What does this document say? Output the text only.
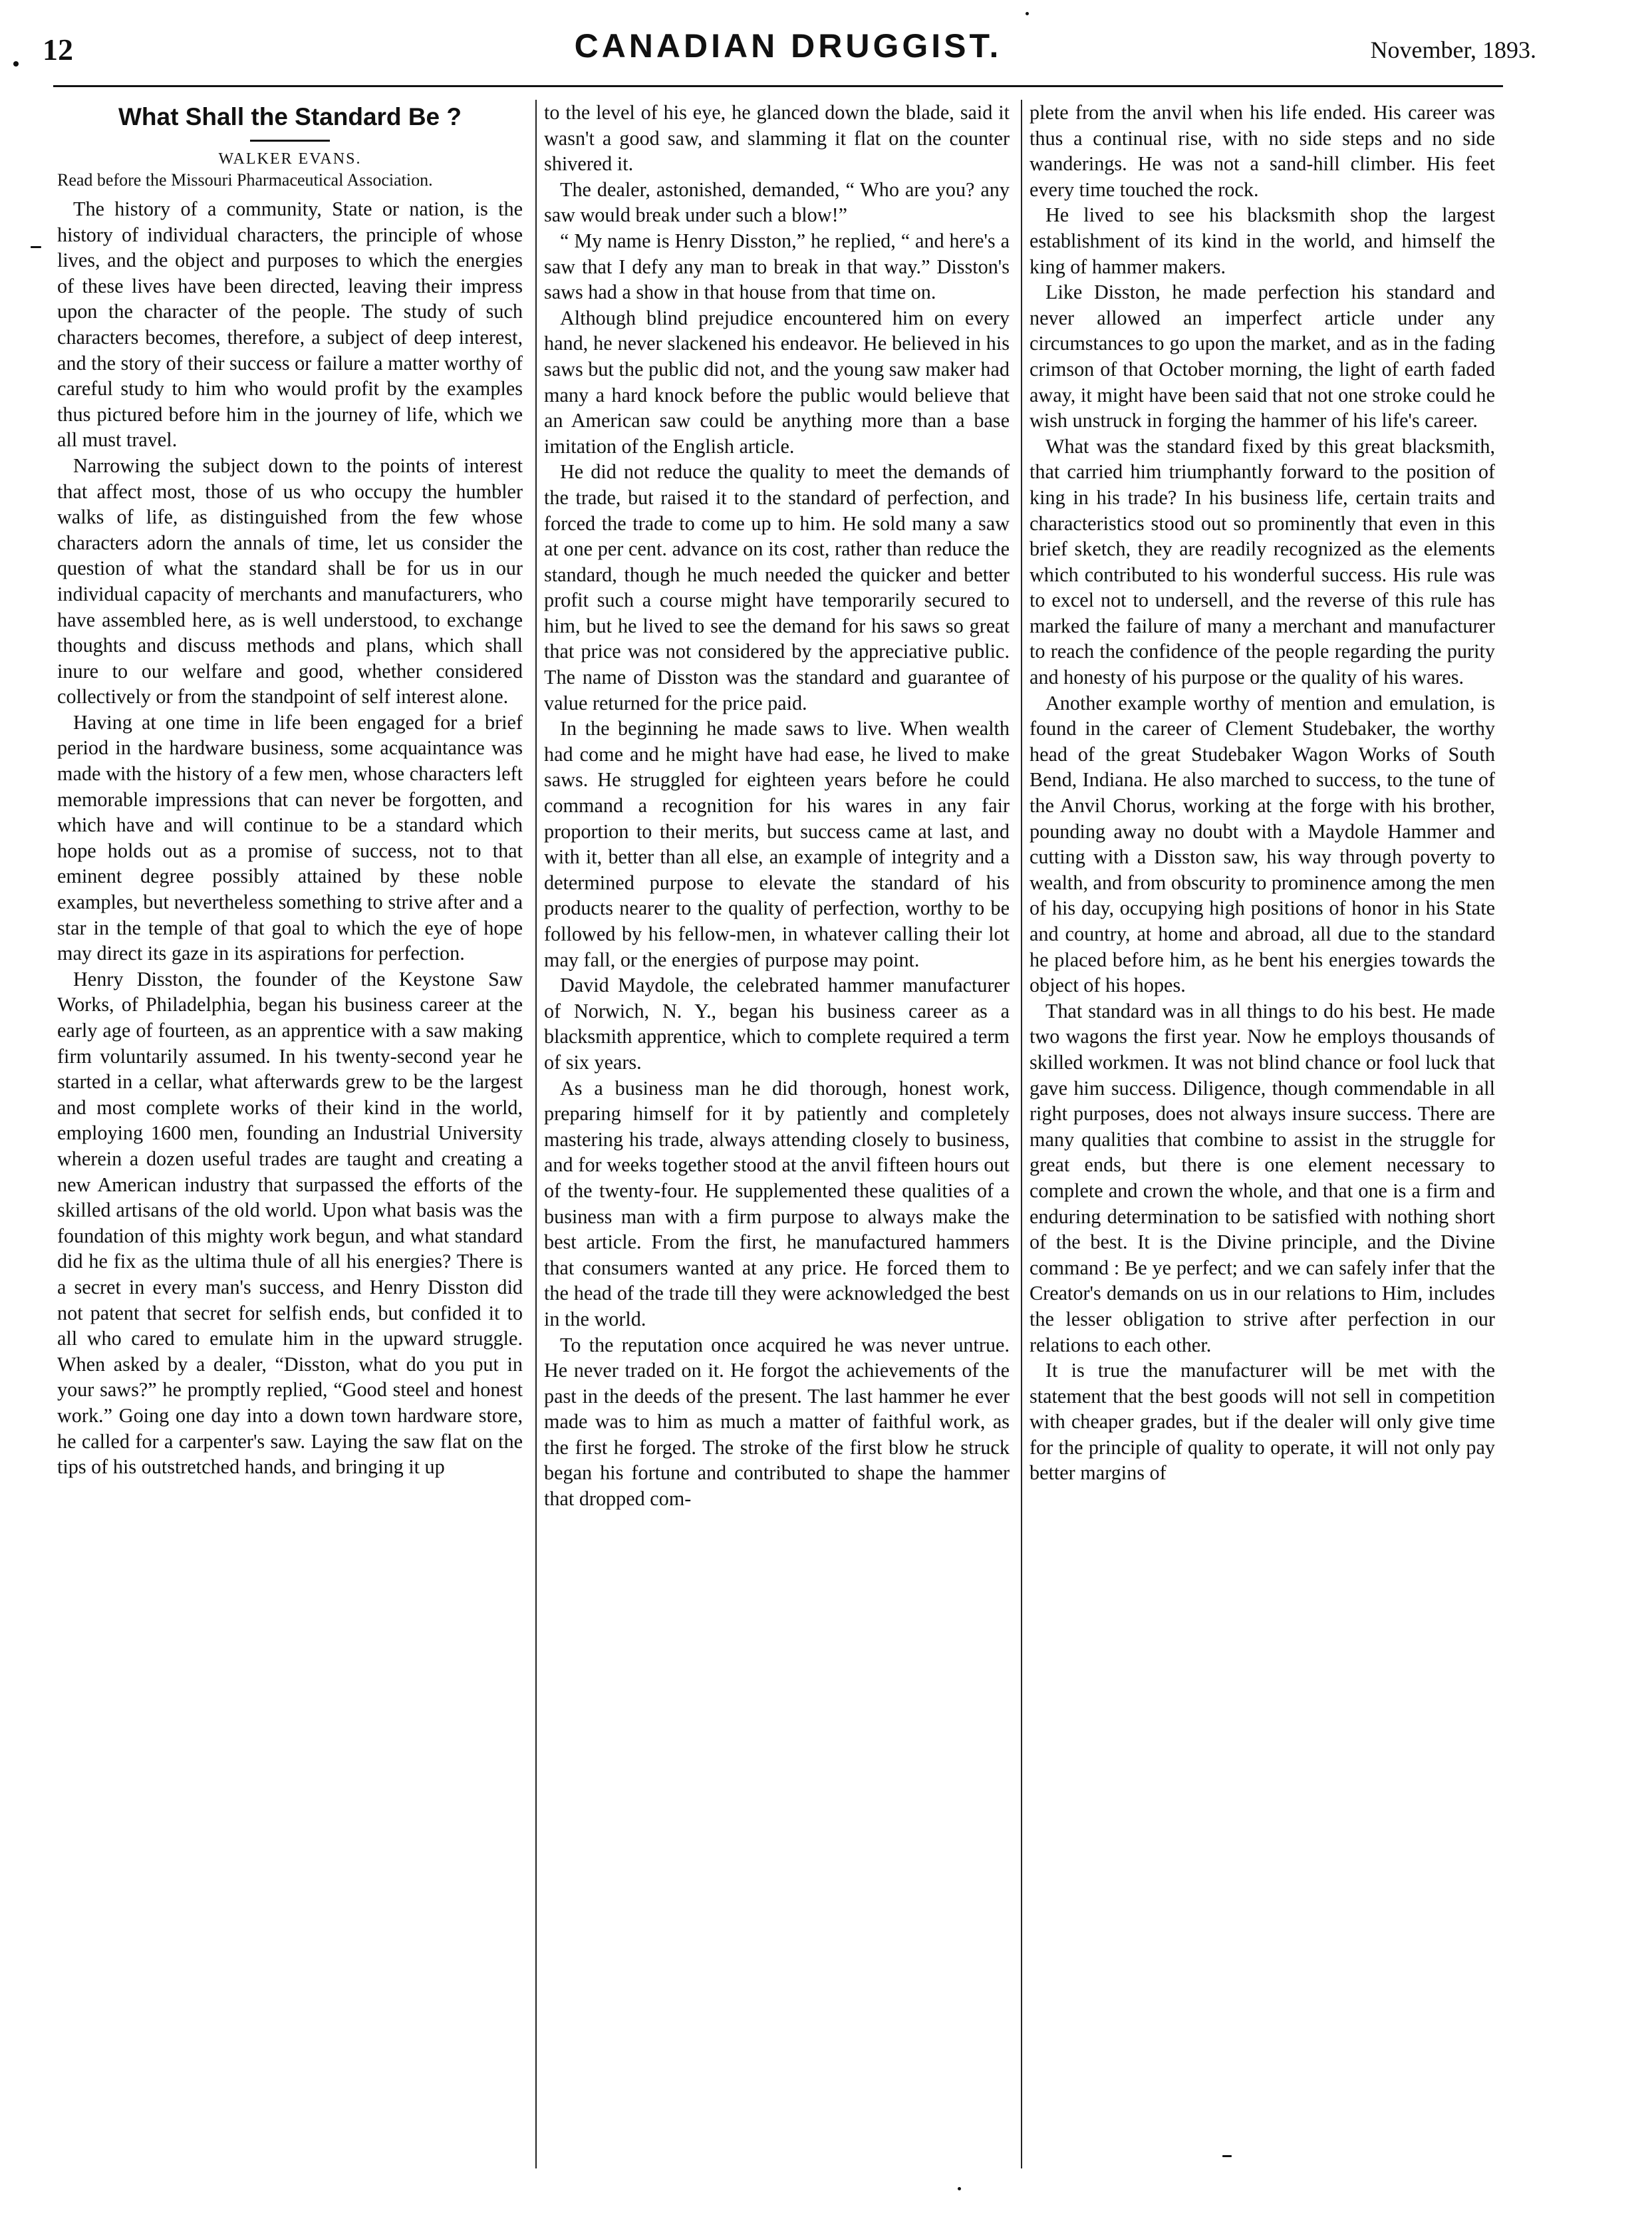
12	CANADIAN DRUGGIST.	November, 1893.
What Shall the Standard Be ?

WALKER EVANS.

Read before the Missouri Pharmaceutical Association.

The history of a community, State or nation, is the history of individual characters, the principle of whose lives, and the object and purposes to which the energies of these lives have been directed, leaving their impress upon the character of the people. The study of such characters becomes, therefore, a subject of deep interest, and the story of their success or failure a matter worthy of careful study to him who would profit by the examples thus pictured before him in the journey of life, which we all must travel.

Narrowing the subject down to the points of interest that affect most, those of us who occupy the humbler walks of life, as distinguished from the few whose characters adorn the annals of time, let us consider the question of what the standard shall be for us in our individual capacity of merchants and manufacturers, who have assembled here, as is well understood, to exchange thoughts and discuss methods and plans, which shall inure to our welfare and good, whether considered collectively or from the standpoint of self interest alone.

Having at one time in life been engaged for a brief period in the hardware business, some acquaintance was made with the history of a few men, whose characters left memorable impressions that can never be forgotten, and which have and will continue to be a standard which hope holds out as a promise of success, not to that eminent degree possibly attained by these noble examples, but nevertheless something to strive after and a star in the temple of that goal to which the eye of hope may direct its gaze in its aspirations for perfection.

Henry Disston, the founder of the Keystone Saw Works, of Philadelphia, began his business career at the early age of fourteen, as an apprentice with a saw making firm voluntarily assumed. In his twenty-second year he started in a cellar, what afterwards grew to be the largest and most complete works of their kind in the world, employing 1600 men, founding an Industrial University wherein a dozen useful trades are taught and creating a new American industry that surpassed the efforts of the skilled artisans of the old world. Upon what basis was the foundation of this mighty work begun, and what standard did he fix as the ultima thule of all his energies? There is a secret in every man's success, and Henry Disston did not patent that secret for selfish ends, but confided it to all who cared to emulate him in the upward struggle. When asked by a dealer, “Disston, what do you put in your saws?” he promptly replied, “Good steel and honest work.” Going one day into a down town hardware store, he called for a carpenter's saw. Laying the saw flat on the tips of his outstretched hands, and bringing it up

to the level of his eye, he glanced down the blade, said it wasn't a good saw, and slamming it flat on the counter shivered it.

The dealer, astonished, demanded, “ Who are you? any saw would break under such a blow!”

“ My name is Henry Disston,” he replied, “ and here's a saw that I defy any man to break in that way.” Disston's saws had a show in that house from that time on.

Although blind prejudice encountered him on every hand, he never slackened his endeavor. He believed in his saws but the public did not, and the young saw maker had many a hard knock before the public would believe that an American saw could be anything more than a base imitation of the English article.

He did not reduce the quality to meet the demands of the trade, but raised it to the standard of perfection, and forced the trade to come up to him. He sold many a saw at one per cent. advance on its cost, rather than reduce the standard, though he much needed the quicker and better profit such a course might have temporarily secured to him, but he lived to see the demand for his saws so great that price was not considered by the appreciative public. The name of Disston was the standard and guarantee of value returned for the price paid.

In the beginning he made saws to live. When wealth had come and he might have had ease, he lived to make saws. He struggled for eighteen years before he could command a recognition for his wares in any fair proportion to their merits, but success came at last, and with it, better than all else, an example of integrity and a determined purpose to elevate the standard of his products nearer to the quality of perfection, worthy to be followed by his fellow-men, in whatever calling their lot may fall, or the energies of purpose may point.

David Maydole, the celebrated hammer manufacturer of Norwich, N. Y., began his business career as a blacksmith apprentice, which to complete required a term of six years.

As a business man he did thorough, honest work, preparing himself for it by patiently and completely mastering his trade, always attending closely to business, and for weeks together stood at the anvil fifteen hours out of the twenty-four. He supplemented these qualities of a business man with a firm purpose to always make the best article. From the first, he manufactured hammers that consumers wanted at any price. He forced them to the head of the trade till they were acknowledged the best in the world.

To the reputation once acquired he was never untrue. He never traded on it. He forgot the achievements of the past in the deeds of the present. The last hammer he ever made was to him as much a matter of faithful work, as the first he forged. The stroke of the first blow he struck began his fortune and contributed to shape the hammer that dropped com-

plete from the anvil when his life ended. His career was thus a continual rise, with no side steps and no side wanderings. He was not a sand-hill climber. His feet every time touched the rock.

He lived to see his blacksmith shop the largest establishment of its kind in the world, and himself the king of hammer makers.

Like Disston, he made perfection his standard and never allowed an imperfect article under any circumstances to go upon the market, and as in the fading crimson of that October morning, the light of earth faded away, it might have been said that not one stroke could he wish unstruck in forging the hammer of his life's career.

What was the standard fixed by this great blacksmith, that carried him triumphantly forward to the position of king in his trade? In his business life, certain traits and characteristics stood out so prominently that even in this brief sketch, they are readily recognized as the elements which contributed to his wonderful success. His rule was to excel not to undersell, and the reverse of this rule has marked the failure of many a merchant and manufacturer to reach the confidence of the people regarding the purity and honesty of his purpose or the quality of his wares.

Another example worthy of mention and emulation, is found in the career of Clement Studebaker, the worthy head of the great Studebaker Wagon Works of South Bend, Indiana. He also marched to success, to the tune of the Anvil Chorus, working at the forge with his brother, pounding away no doubt with a Maydole Hammer and cutting with a Disston saw, his way through poverty to wealth, and from obscurity to prominence among the men of his day, occupying high positions of honor in his State and country, at home and abroad, all due to the standard he placed before him, as he bent his energies towards the object of his hopes.

That standard was in all things to do his best. He made two wagons the first year. Now he employs thousands of skilled workmen. It was not blind chance or fool luck that gave him success. Diligence, though commendable in all right purposes, does not always insure success. There are many qualities that combine to assist in the struggle for great ends, but there is one element necessary to complete and crown the whole, and that one is a firm and enduring determination to be satisfied with nothing short of the best. It is the Divine principle, and the Divine command : Be ye perfect; and we can safely infer that the Creator's demands on us in our relations to Him, includes the lesser obligation to strive after perfection in our relations to each other.

It is true the manufacturer will be met with the statement that the best goods will not sell in competition with cheaper grades, but if the dealer will only give time for the principle of quality to operate, it will not only pay better margins of
